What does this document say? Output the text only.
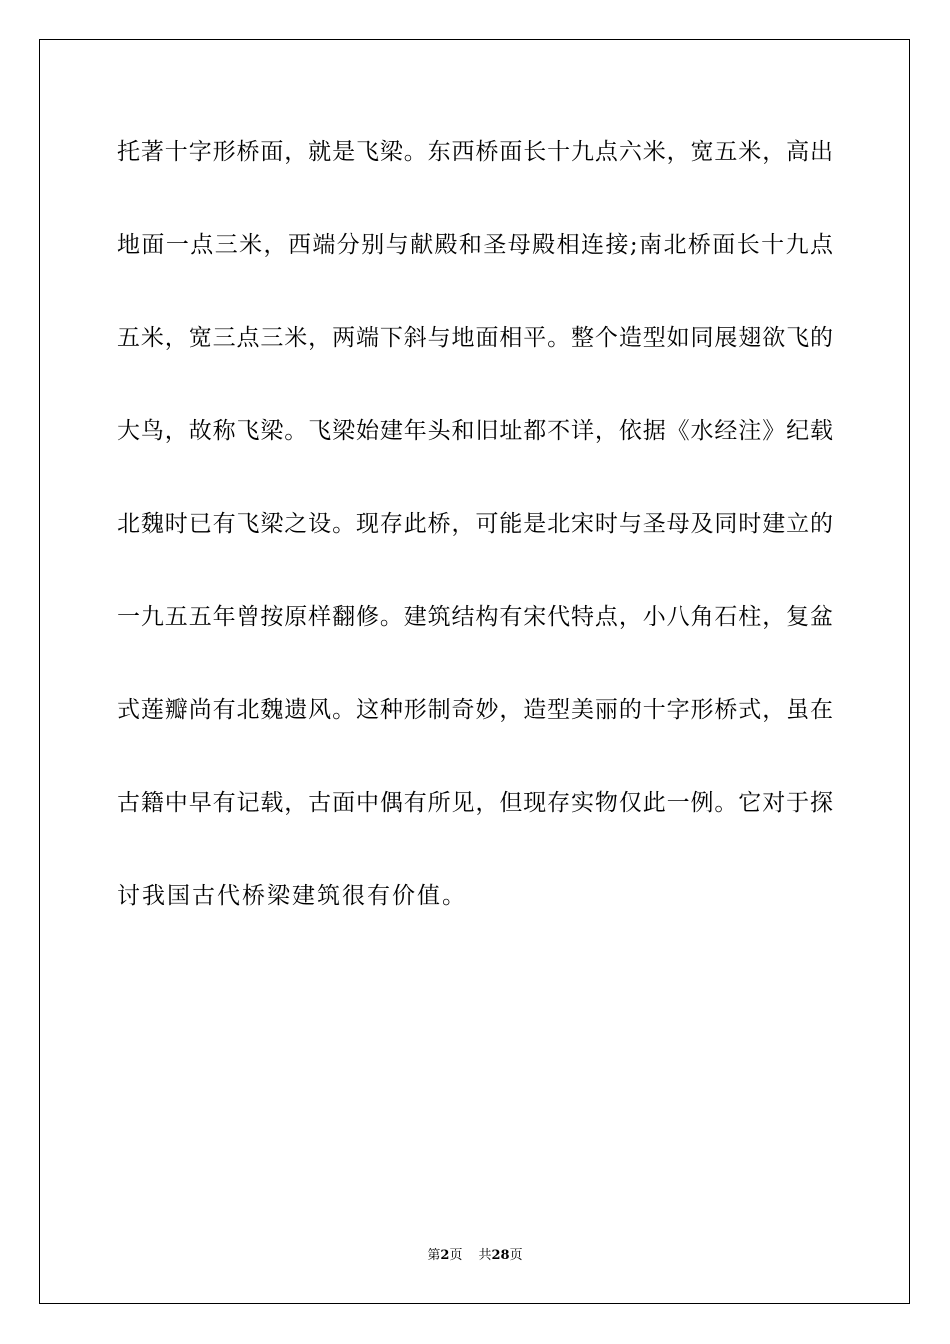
托著十字形桥面，就是飞梁。东西桥面长十九点六米，宽五米，高出
地面一点三米，西端分别与献殿和圣母殿相连接;南北桥面长十九点
五米，宽三点三米，两端下斜与地面相平。整个造型如同展翅欲飞的
大鸟，故称飞梁。飞梁始建年头和旧址都不详，依据《水经注》纪载
北魏时已有飞梁之设。现存此桥，可能是北宋时与圣母及同时建立的
一九五五年曾按原样翻修。建筑结构有宋代特点，小八角石柱，复盆
式莲瓣尚有北魏遗风。这种形制奇妙，造型美丽的十字形桥式，虽在
古籍中早有记载，古面中偶有所见，但现存实物仅此一例。它对于探
讨我国古代桥梁建筑很有价值。
第2页 共28页
